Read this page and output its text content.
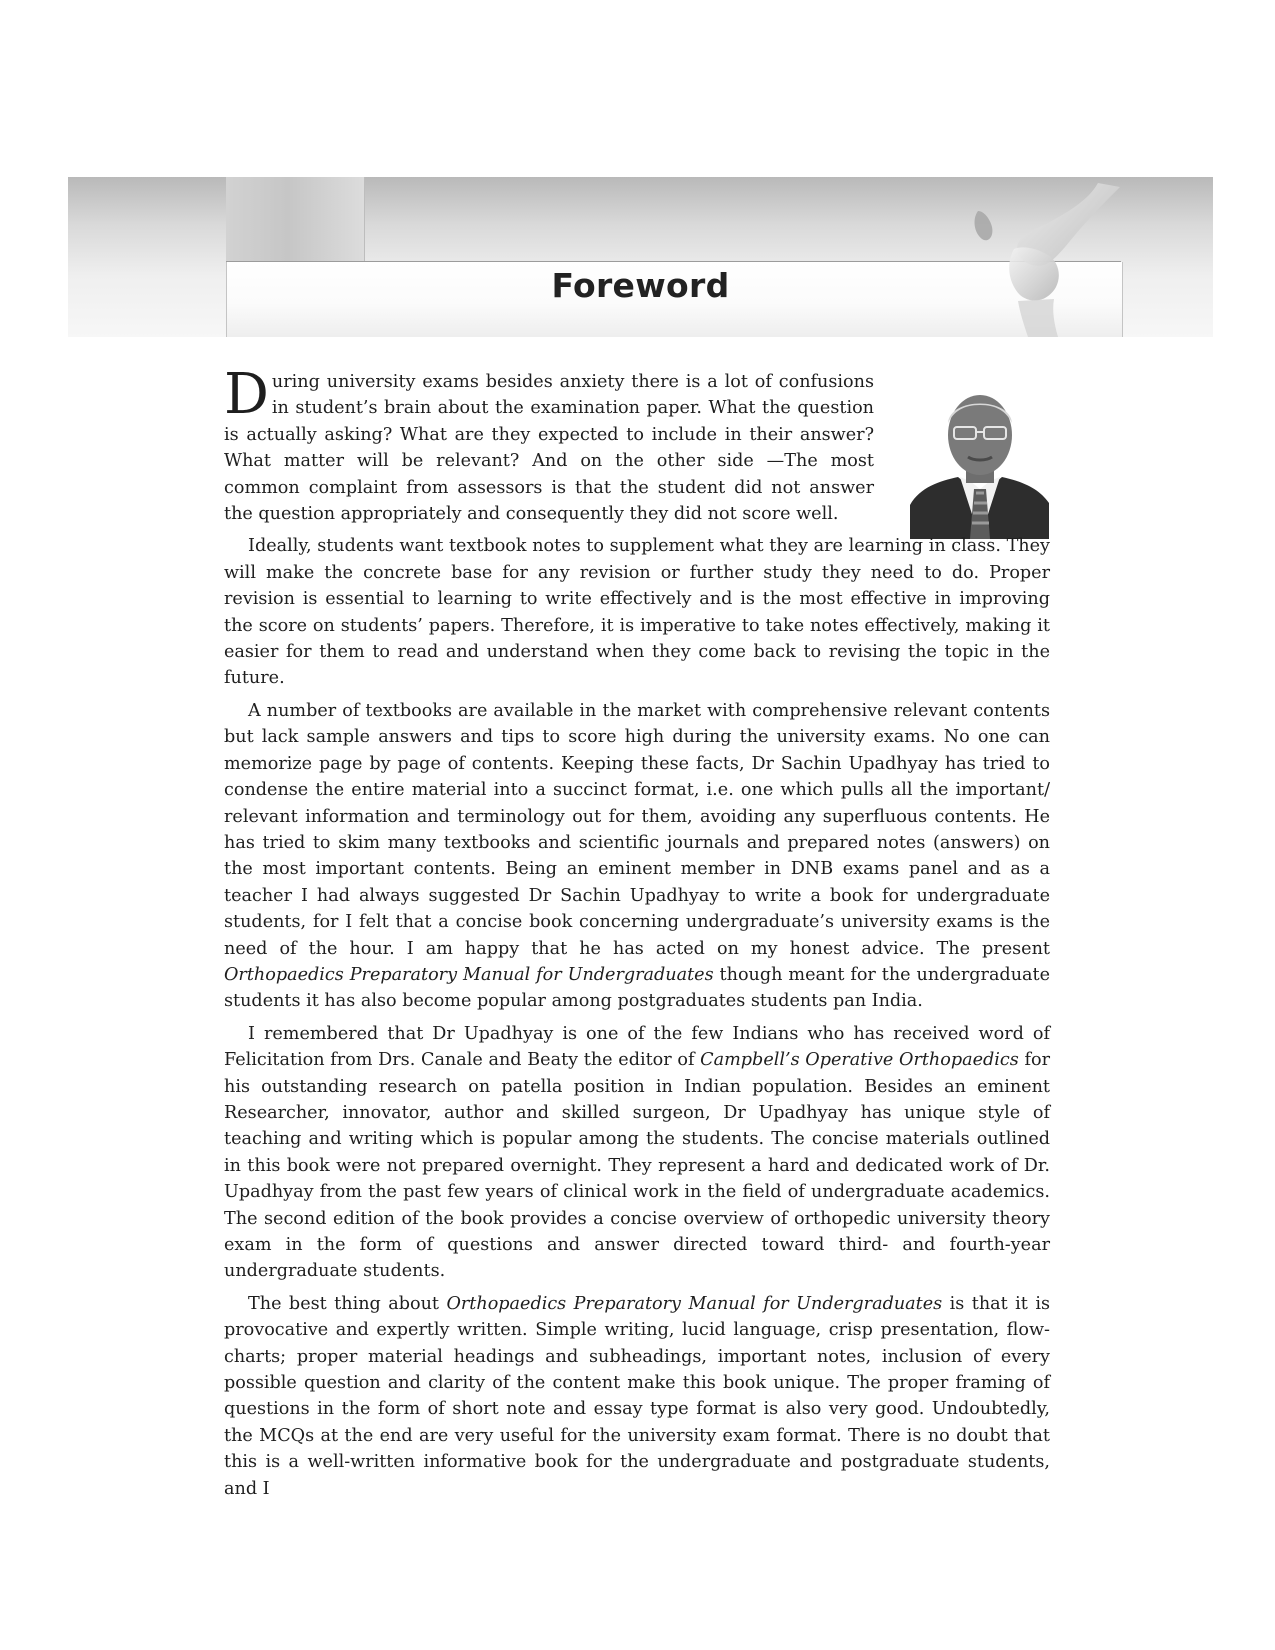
Foreword

During university exams besides anxiety there is a lot of confusions in student’s brain about the examination paper. What the question is actually asking? What are they expected to include in their answer? What matter will be relevant? And on the other side —The most common complaint from assessors is that the student did not answer the question appropriately and consequently they did not score well.

Ideally, students want textbook notes to supplement what they are learning in class. They will make the concrete base for any revision or further study they need to do. Proper revision is essential to learning to write effectively and is the most effective in improving the score on students’ papers. Therefore, it is imperative to take notes effectively, making it easier for them to read and understand when they come back to revising the topic in the future.

A number of textbooks are available in the market with comprehensive relevant contents but lack sample answers and tips to score high during the university exams. No one can memorize page by page of contents. Keeping these facts, Dr Sachin Upadhyay has tried to condense the entire material into a succinct format, i.e. one which pulls all the important/ relevant information and terminology out for them, avoiding any superfluous contents. He has tried to skim many textbooks and scientific journals and prepared notes (answers) on the most important contents. Being an eminent member in DNB exams panel and as a teacher I had always suggested Dr Sachin Upadhyay to write a book for undergraduate students, for I felt that a concise book concerning undergraduate’s university exams is the need of the hour. I am happy that he has acted on my honest advice. The present Orthopaedics Preparatory Manual for Undergraduates though meant for the undergraduate students it has also become popular among postgraduates students pan India.

I remembered that Dr Upadhyay is one of the few Indians who has received word of Felicitation from Drs. Canale and Beaty the editor of Campbell’s Operative Orthopaedics for his outstanding research on patella position in Indian population. Besides an eminent Researcher, innovator, author and skilled surgeon, Dr Upadhyay has unique style of teaching and writing which is popular among the students. The concise materials outlined in this book were not prepared overnight. They represent a hard and dedicated work of Dr. Upadhyay from the past few years of clinical work in the field of undergraduate academics. The second edition of the book provides a concise overview of orthopedic university theory exam in the form of questions and answer directed toward third- and fourth-year undergraduate students.

The best thing about Orthopaedics Preparatory Manual for Undergraduates is that it is provocative and expertly written. Simple writing, lucid language, crisp presentation, flow-charts; proper material headings and subheadings, important notes, inclusion of every possible question and clarity of the content make this book unique. The proper framing of questions in the form of short note and essay type format is also very good. Undoubtedly, the MCQs at the end are very useful for the university exam format. There is no doubt that this is a well-written informative book for the undergraduate and postgraduate students, and I
